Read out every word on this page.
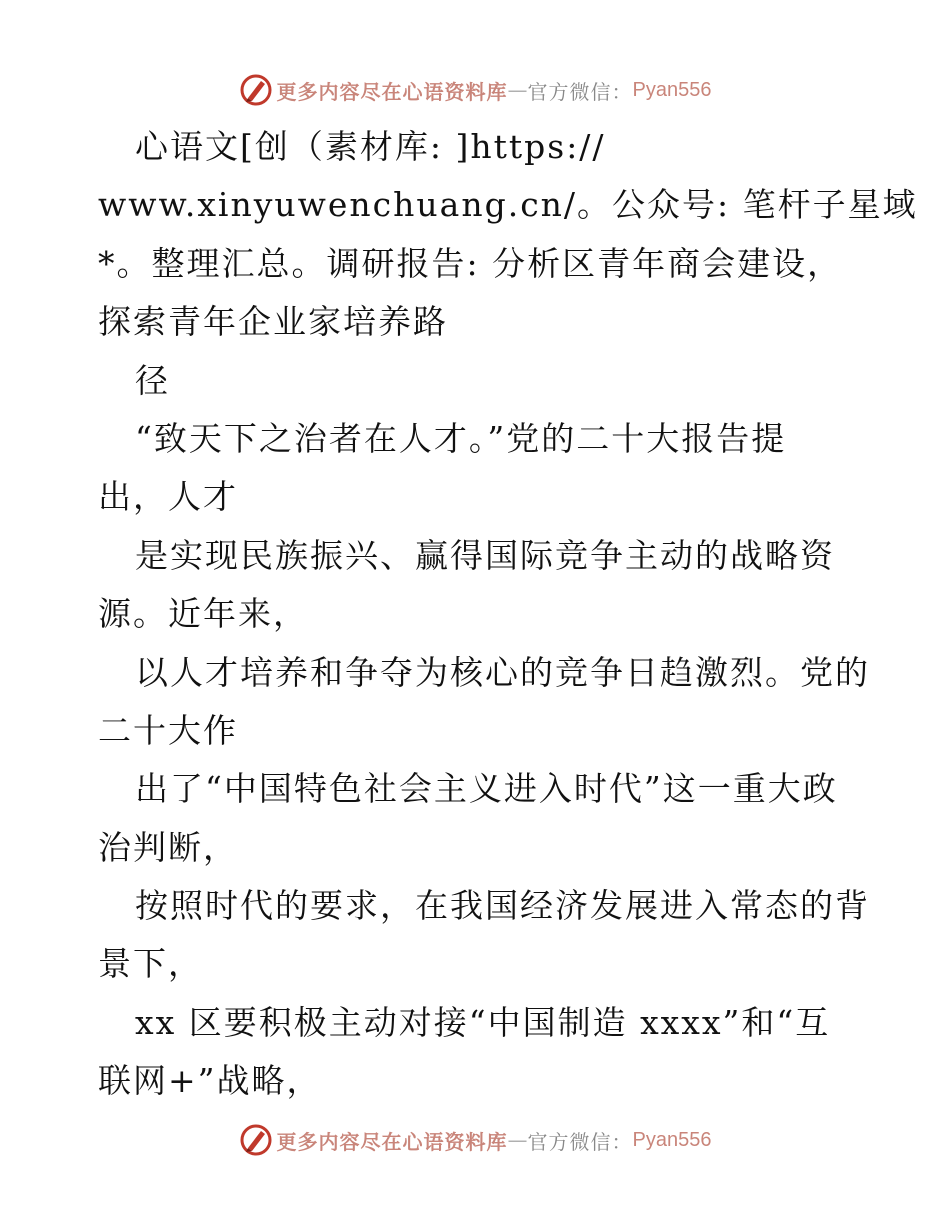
更多内容尽在心语资料库 — 官方微信： Pyan556
心语文[创（素材库: ]https://
www.xinyuwenchuang.cn/。公众号: 笔杆子星域
*。整理汇总。调研报告: 分析区青年商会建设，
探索青年企业家培养路
径
“致天下之治者在人才。”党的二十大报告提
出，人才
是实现民族振兴、赢得国际竞争主动的战略资
源。近年来，
以人才培养和争夺为核心的竞争日趋激烈。党的
二十大作
出了“中国特色社会主义进入时代”这一重大政
治判断，
按照时代的要求，在我国经济发展进入常态的背
景下，
xx 区要积极主动对接“中国制造 xxxx”和“互
联网+”战略，
更多内容尽在心语资料库 — 官方微信： Pyan556
